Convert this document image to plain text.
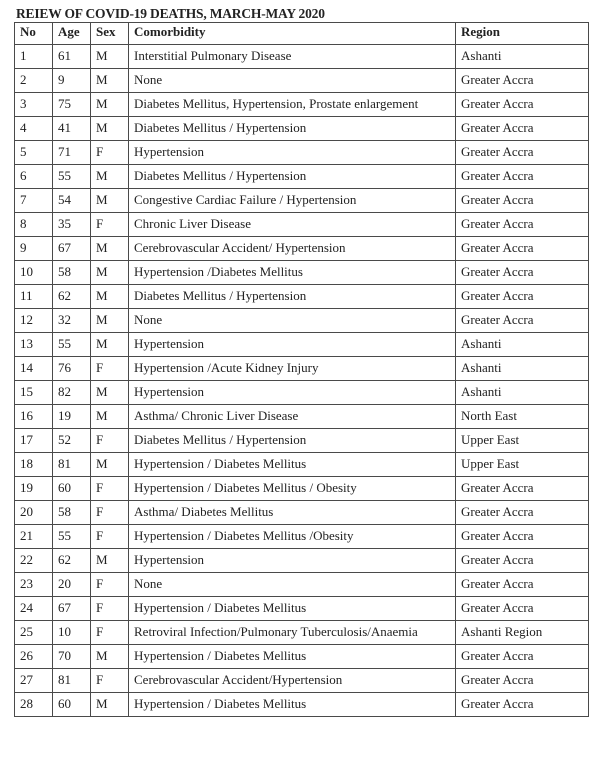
REIEW OF COVID-19 DEATHS, MARCH-MAY 2020
No	Age	Sex	Comorbidity	Region
1	61	M	Interstitial Pulmonary Disease	Ashanti
2	9	M	None	Greater Accra
3	75	M	Diabetes Mellitus, Hypertension, Prostate enlargement	Greater Accra
4	41	M	Diabetes Mellitus / Hypertension	Greater Accra
5	71	F	Hypertension	Greater Accra
6	55	M	Diabetes Mellitus / Hypertension	Greater Accra
7	54	M	Congestive Cardiac Failure / Hypertension	Greater Accra
8	35	F	Chronic Liver Disease	Greater Accra
9	67	M	Cerebrovascular Accident/ Hypertension	Greater Accra
10	58	M	Hypertension /Diabetes Mellitus	Greater Accra
11	62	M	Diabetes Mellitus / Hypertension	Greater Accra
12	32	M	None	Greater Accra
13	55	M	Hypertension	Ashanti
14	76	F	Hypertension /Acute Kidney Injury	Ashanti
15	82	M	Hypertension	Ashanti
16	19	M	Asthma/ Chronic Liver Disease	North East
17	52	F	Diabetes Mellitus / Hypertension	Upper East
18	81	M	Hypertension / Diabetes Mellitus	Upper East
19	60	F	Hypertension / Diabetes Mellitus / Obesity	Greater Accra
20	58	F	Asthma/ Diabetes Mellitus	Greater Accra
21	55	F	Hypertension / Diabetes Mellitus /Obesity	Greater Accra
22	62	M	Hypertension	Greater Accra
23	20	F	None	Greater Accra
24	67	F	Hypertension / Diabetes Mellitus	Greater Accra
25	10	F	Retroviral Infection/Pulmonary Tuberculosis/Anaemia	Ashanti Region
26	70	M	Hypertension / Diabetes Mellitus	Greater Accra
27	81	F	Cerebrovascular Accident/Hypertension	Greater Accra
28	60	M	Hypertension / Diabetes Mellitus	Greater Accra
